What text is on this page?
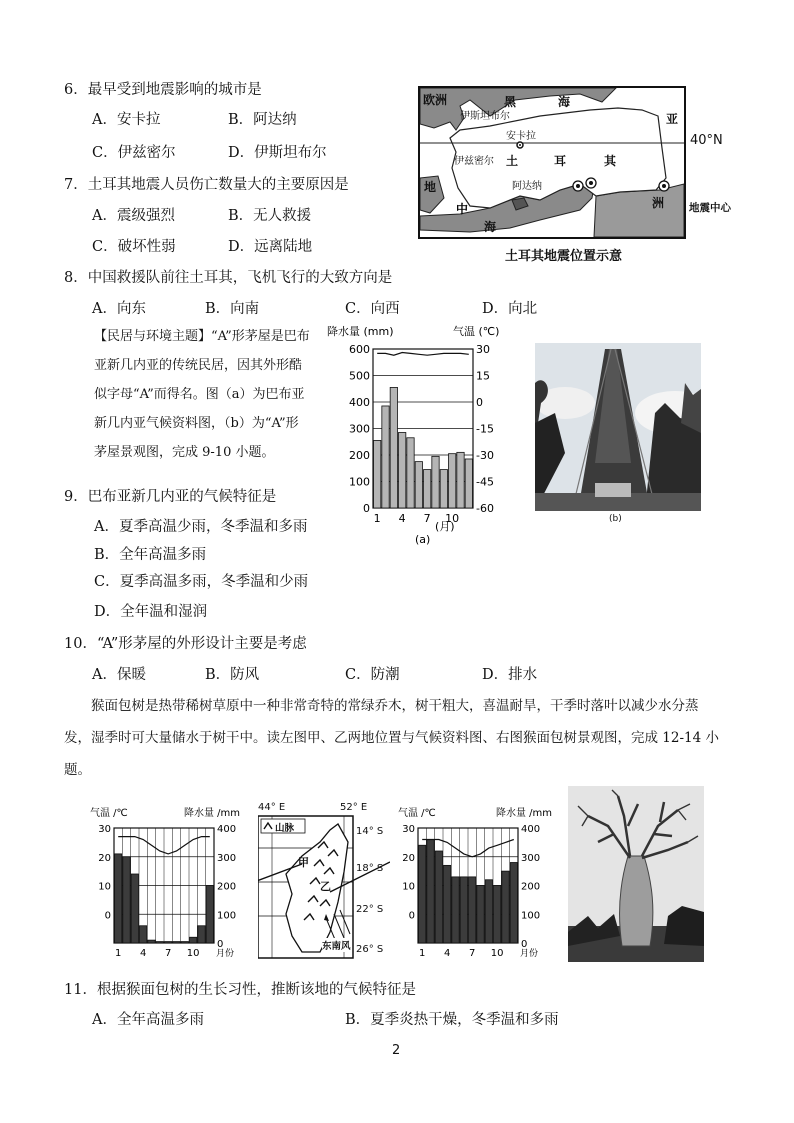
6．最早受到地震影响的城市是
A．安卡拉	B．阿达纳
C．伊兹密尔	D．伊斯坦布尔
7．土耳其地震人员伤亡数量大的主要原因是
A．震级强烈	B．无人救援
C．破坏性弱	D．远离陆地
8．中国救援队前往土耳其，飞机飞行的大致方向是
A．向东	B．向南	C．向西	D．向北
欧洲	黑	海
伊斯坦布尔	亚
安卡拉
伊兹密尔 土	耳	其
地	阿达纳
洲
中
海
40°N
地震中心
土耳其地震位置示意
【民居与环境主题】“A”形茅屋是巴布亚新几内亚的传统民居，因其外形酷似字母“A”而得名。图（a）为巴布亚新几内亚气候资料图，（b）为“A”形茅屋景观图，完成 9-10 小题。
降水量 (mm)	气温 (℃)
600
500
400
300
200
100
0
30
15
0
-15
-30
-45
-60
1 4 7 10
(月)
(a)
(b)
9．巴布亚新几内亚的气候特征是
A．夏季高温少雨，冬季温和多雨
B．全年高温多雨
C．夏季高温多雨，冬季温和少雨
D．全年温和湿润
10．“A”形茅屋的外形设计主要是考虑
A．保暖	B．防风	C．防潮	D．排水
猴面包树是热带稀树草原中一种非常奇特的常绿乔木，树干粗大，喜温耐旱，干季时落叶以减少水分蒸发，湿季时可大量储水于树干中。读左图甲、乙两地位置与气候资料图、右图猴面包树景观图，完成 12-14 小题。
气温 /℃	降水量 /mm
30
20
10
0
400
300
200
100
0
1 4 7 10 月份
44° E	52° E
山脉	14° S
18° S
22° S
26° S
甲
乙
东南风
气温 /℃	降水量 /mm
30
20
10
0
400
300
200
100
0
1 4 7 10 月份
11．根据猴面包树的生长习性，推断该地的气候特征是
A．全年高温多雨	B．夏季炎热干燥，冬季温和多雨
2
